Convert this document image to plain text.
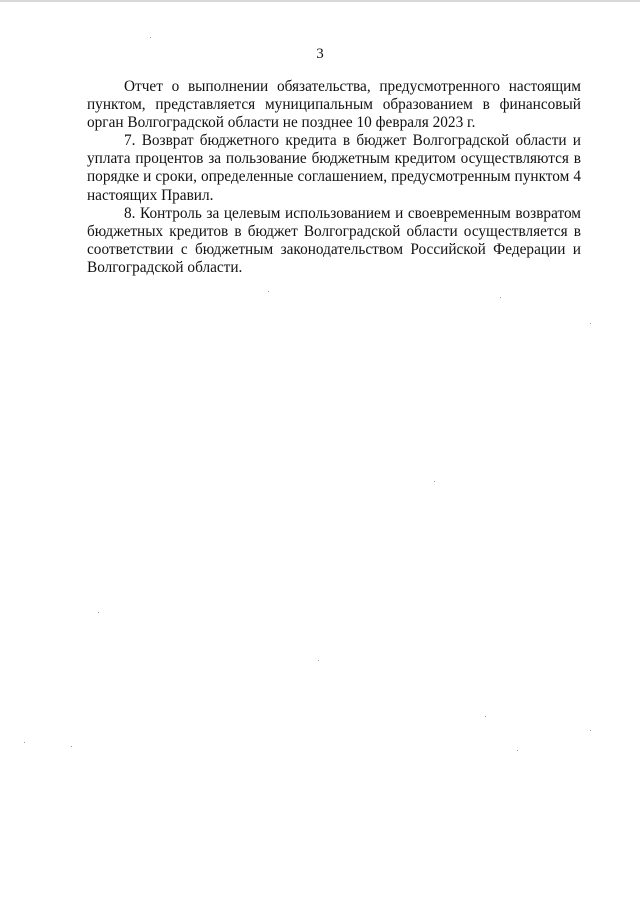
3

Отчет о выполнении обязательства, предусмотренного настоящим пунктом, представляется муниципальным образованием в финансовый орган Волгоградской области не позднее 10 февраля 2023 г.

7. Возврат бюджетного кредита в бюджет Волгоградской области и уплата процентов за пользование бюджетным кредитом осуществляются в порядке и сроки, определенные соглашением, предусмотренным пунктом 4 настоящих Правил.

8. Контроль за целевым использованием и своевременным возвратом бюджетных кредитов в бюджет Волгоградской области осуществляется в соответствии с бюджетным законодательством Российской Федерации и Волгоградской области.
